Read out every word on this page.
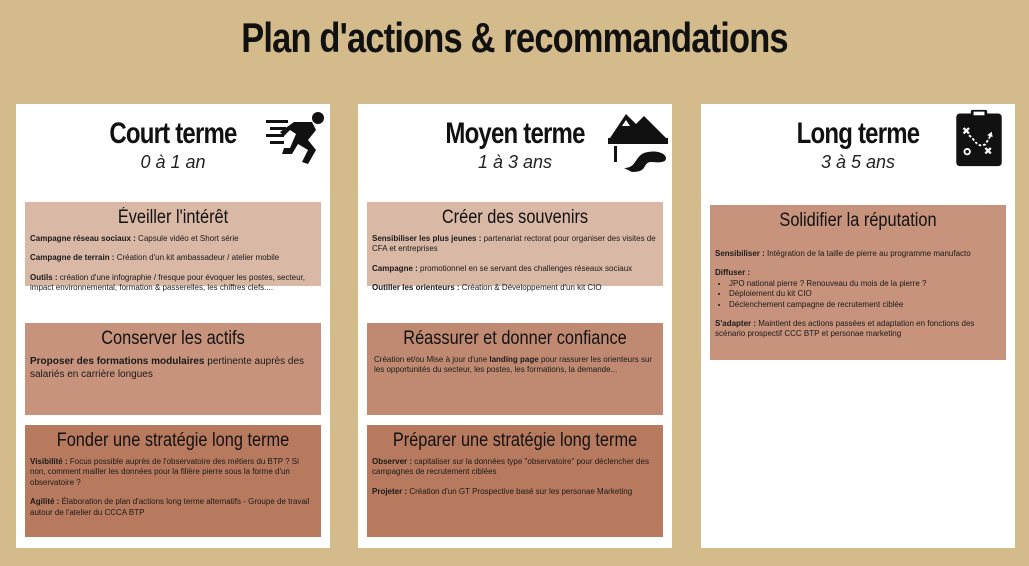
Plan d'actions & recommandations
Court terme
0 à 1 an
Éveiller l'intérêt

Campagne réseau sociaux : Capsule vidéo et Short série

Campagne de terrain : Création d'un kit ambassadeur / atelier mobile

Outils : création d'une infographie / fresque pour évoquer les postes, secteur, impact environnemental, formation & passerelles, les chiffres clefs....

Conserver les actifs

Proposer des formations modulaires pertinente auprès des salariés en carrière longues

Fonder une stratégie long terme

Visibilité : Focus possible auprès de l'observatoire des métiers du BTP ? Si non, comment mailler les données pour la filière pierre sous la forme d'un observatoire ?

Agilité : Élaboration de plan d'actions long terme alternatifs - Groupe de travail autour de l'atelier du CCCA BTP

Moyen terme
1 à 3 ans
Créer des souvenirs

Sensibiliser les plus jeunes : partenariat rectorat pour organiser des visites de CFA et entreprises

Campagne : promotionnel en se servant des challenges réseaux sociaux

Outiller les orienteurs : Création & Développement d'un kit CIO

Réassurer et donner confiance

Création et/ou Mise à jour d'une landing page pour rassurer les orienteurs sur les opportunités du secteur, les postes, les formations, la demande...

Préparer une stratégie long terme

Observer : capitaliser sur la données type "observatoire" pour déclencher des campagnes de recrutement ciblées

Projeter : Création d'un GT Prospective basé sur les personae Marketing

Long terme
3 à 5 ans
Solidifier la réputation

Sensibiliser : Intégration de la taille de pierre au programme manufacto

Diffuser :

• JPO national pierre ? Renouveau du mois de la pierre ?
• Déploiement du kit CIO
• Déclenchement campagne de recrutement ciblée

S'adapter : Maintient des actions passées et adaptation en fonctions des scénario prospectif CCC BTP et personae marketing
